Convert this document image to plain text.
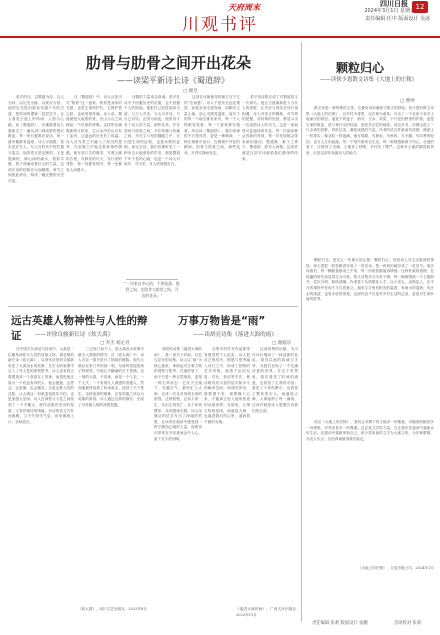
天府周末
川观书评
四川日报	12
2024年3月1日 星期五
责任编辑 任中 版面设计 吴冰
肋骨与肋骨之间开出花朵
——读梁平新诗长诗《蜀道辞》
□ 谢昱

梁平的诗，以蜀道为经，以人为纬，以历史为脉，以现实为骨。他把目光投向那条穿越千年的古道，把时间的褶皱一层层打开，让人看见古道上的风雨、人影与心跳。读《蜀道辞》，仿佛跟着诗人重新走了一遍从剑门到成都的漫长路途，每一块石板都在说话，每一道车辙都有温度。诗人写道路，其实是在写人，写人在时代中的位置与姿态。他的语言是克制的，又是饱满的，像山间的溪水，看似平静，底下却涌动着巨大的力量。这部长诗的结构宏大而精细，章节之间彼此呼应，构成一幅完整的历史长卷。

在《蜀道辞》中，诗人反复书写“肋骨”这一意象。肋骨是身体的支撑，也是生命的护栏，它保护着心脏，也承受着疼痛。诗人说，蜀道就是大地的肋骨，在山与山之间撑起一个民族的呼吸。这样的比喻既新鲜又贴切，它让冰冷的山川有了血肉，让遥远的历史有了体温。诗人在写景之中融入了深沉的思考，在叙事之中饱含着真挚的情感。他写剑门关的雄奇，写翠云廊的古柏，写驿站的灯火，写行者的背影，每一处都有细节，每一处都有人间烟火。

诗歌的力量来自真诚。梁平在诗中不回避历史的沉重，也不回避个人的困惑。他把自己放进那条古道，与古人对话，与山川对话，与自己对话。正因为如此，他的诗才有了动人的力量。那些花朵，开在肋骨与肋骨之间，开在疼痛与疼痛之间，开在生与死的缝隙之中，它们是生命的证明，也是诗歌的证明。读完全诗，我们仿佛听见了一种来自大地深处的声音，那是蜀道千年不息的心跳，也是一个诗人对故乡、对历史、对人的深情告白。

这部长诗最难得的地方在于它的“在场感”。诗人不是站在远处观望，而是亲身走进现场，用脚步丈量土地，用心灵感受温度。他写下的每一个地名都有来历，每一个人物都有故事，每一个意象都有根基。所以读《蜀道辞》，我们读到的不只是风景，更是一种精神，一种在艰难中前行、在困境中开花的精神。肋骨与肋骨之间，那些花朵，开得安静而坚定。

梁平用诗歌完成了对蜀道的又一次命名。他让古道重新进入当代人的视野，让历史与现实在诗行里相遇。诗人对语言的锤炼，对节奏的把握，对结构的经营，都显示出一位成熟诗人的功力。这是一部值得反复阅读的作品，每一次阅读都会有新的发现，每一次发现都会带来新的感动。蜀道难，难于上青天；蜀道辞，辞尽人间情。这或许就是这部长诗留给我们最深的印象。

“一切来自中心的，不停流淌、肋骨之间，在肋骨与肋骨之间，开出的花朵。”
颗粒归心
——读侠少恩散文诗集《大地上的庄稼》
□ 曹坤

散文诗是一种特殊的文体，它兼有诗的凝练与散文的舒展。侠少恩的散文诗集《大地上的庄稼》，以乡村为背景，以庄稼为意象，写出了一个农家子弟对土地深沉的眷恋。他笔下的麦子、稻谷、玉米、高粱，不只是田野里的作物，更是生命的象征，是父辈汗水的结晶，是故乡记忆的载体。读这本书，仿佛走进了一片金黄的田野，风吹过来，满是成熟的气息。作者的语言朴素而有质感，像泥土一样厚实，像谷粒一样饱满。他写春耕、写夏耘、写秋收、写冬藏，写四季的轮回，也写人生的起落。每一个细节都来自生活，每一种情感都源于内心。在他的笔下，庄稼有了灵魂，土地有了呼吸，乡村有了尊严。这种对土地的敬畏和热爱，正是这部作品最动人的地方。

颗粒归仓，是农人一年最大的心愿；颗粒归心，则是诗人对生活最深的领悟。侠少恩把一粒粒粮食写成了一首首诗，把一块块田地写成了一页页书。他告诉我们，每一颗粮食都来之不易，每一份收获都值得珍惜。这种朴素的道理，在喧嚣的时代里显得尤为可贵。散文诗集共分为若干辑，每一辑都围绕一个主题展开，层次分明，脉络清晰。作者善于从细微处入手，以小见大，由物及人，在平凡的事物中发现不平凡的意义。他的文字里有阳光的温度，有雨水的湿润，有汗水的咸涩，也有丰收的喜悦。这部作品不仅是对乡村生活的记录，更是对生命价值的思考。

读完《大地上的庄稼》，我们会对脚下的土地多一份敬意，对碗里的粮食多一份珍惜，对劳动者多一份尊重。这正是文学的力量，它让我们在阅读中重新认识生活，在感动中重新审视自己。侠少恩用他的文字为大地立传，为庄稼歌唱，为农人代言，这份真诚值得我们铭记。

《大地上的庄稼》，万卷出版公司，2024年1月
远古英雄人物神性与人性的辩证	——评徐良骏新长诗《炊大禹》
□ 李杰 杨定君

在中国古代神话与传说中，大禹是一位兼具神性与人性的英雄人物。徐良骏的新长诗《炊大禹》，以现代诗的形式重新讲述了大禹治水的故事，在宏大的叙事中注入了对人性的深刻思考。诗人没有把大禹塑造成一个高高在上的神，而是把他还原为一个有血有肉的人：他会疲惫，会思念，会犹豫，也会痛苦。正是这种人性的还原，让大禹这一形象更加真实可信，也更加感人至深。诗人在神性与人性之间找到了一个平衡点，使作品既有史诗的厚重，又有抒情诗的细腻。长诗的语言古朴而典雅，又不失现代气息，读来朗朗上口，余味悠长。

三过家门而不入，是大禹治水故事中最为人熟知的情节。在《炊大禹》中，诗人对这一情节进行了细致的铺陈。他写大禹站在家门外的那一刻，写他听见屋里孩子的啼哭，写他心中翻涌的万千思绪。这一刻的大禹，不是神，而是一个父亲，一个丈夫，一个有着凡人情感的普通人。然而他最终选择了转身离去，选择了天下苍生。这种选择的艰难，正是英雄之所以为英雄的原因。诗人通过这样的描写，完成了对英雄人格的深度挖掘。

《炊大禹》，四川文艺出版社，2023年8月
万事万物皆是“雨”
——读胡亮诗集《落进大海的雨》
□ 谢骏乐

胡亮的诗集《落进大海的雨》，是一部关于时间、记忆与存在的诗集。诗人以“雨”为核心意象，串联起对万事万物的观察与思考。在他的笔下，雨不只是一种自然现象，更是一种生命状态：它从天空落下，穿越空气，最终汇入大海，完成一次从有形到无形的旅程。这种旅程，正如人的一生，从出生到死亡，从个体到整体，从有限到无限。诗人用简洁的语言写出了深邃的哲思，让读者在阅读中感受到一种宁静而辽阔的力量。他的诗句常常在不经意间击中人心，留下长久的回响。

诗集中的许多作品都带有强烈的个人色彩，诗人把自己的经历、情感与思考融入诗行之中，形成了独特的艺术风格。他善于运用反复、对比、象征等手法，使诗歌具有丰富的层次和多义的解读空间。读胡亮的诗，需要慢下来，需要静下心来，才能真正进入他所营造的诗意世界。在那里，万事万物皆是雨，雨落进大海，也落进我们的心里，滋润着干涸的灵魂。

这部诗集的出版，为当代诗坛增添了一抹清新的色彩。胡亮以他的真诚与才华，为我们呈现了一个充满诗意的世界。在这个世界里，我们看见了时间的流逝，也看见了生命的永恒；看见了个体的渺小，也看见了整体的宏大。雨落进大海，大海接纳了每一滴雨，这或许就是诗人想要告诉我们的全部。

《落进大海的雨》，广西人民出版社，2022年11月
责任编辑 张莉 版面设计 张鹏	首席校对 张莉
